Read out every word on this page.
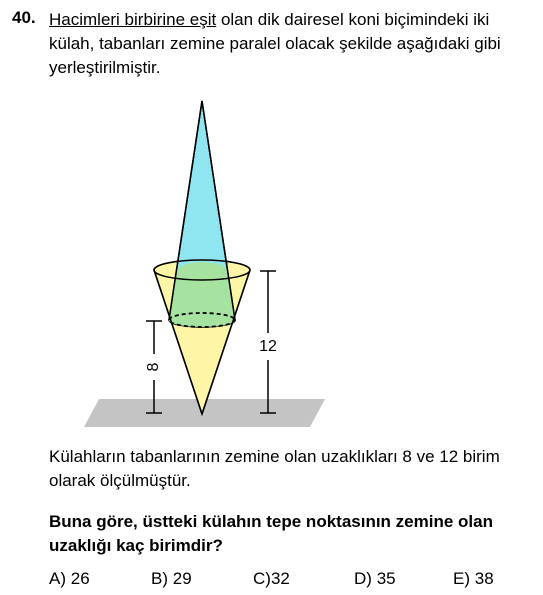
40. Hacimleri birbirine eşit olan dik dairesel koni biçimindeki iki külah, tabanları zemine paralel olacak şekilde aşağıdaki gibi yerleştirilmiştir.
8
12
Külahların tabanlarının zemine olan uzaklıkları 8 ve 12 birim olarak ölçülmüştür.
Buna göre, üstteki külahın tepe noktasının zemine olan uzaklığı kaç birimdir?
A) 26	B) 29	C)32	D) 35	E) 38
